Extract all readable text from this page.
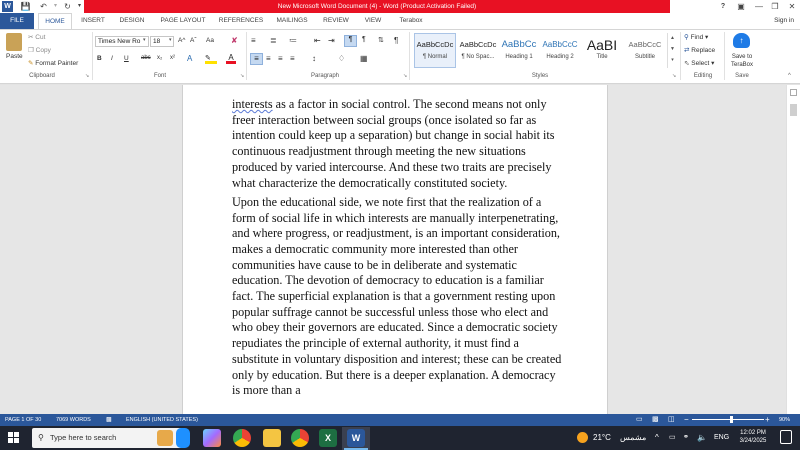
W 💾 ↶	▾ ↻	▾	New Microsoft Word Document (4) - Word (Product Activation Failed)	?	▣	—	❐	✕
FILE	HOME	INSERT	DESIGN	PAGE LAYOUT	REFERENCES	MAILINGS	REVIEW	VIEW	Terabox	Sign in
Paste
✂ Cut
❐ Copy
✎ Format Painter
Clipboard	↘
Times New Ro ▾	18	▾ A^ Aˇ Aa ✘
B I U abc x₂ x² A ✎	A
Font	↘
≡ ≣ ≔ ⇤ ⇥	¶	¶ ⇅ ¶
≡ ≡ ≡ ≡ ↕	♢ ▦
Paragraph	↘
AaBbCcDc
¶ Normal
AaBbCcDc
¶ No Spac...
AaBbCc
Heading 1
AaBbCcC
Heading 2
AaBI
Title
AaBbCcC
Subtitle
▲
▼
▾
Styles	↘
⚲ Find ▾
⇄ Replace
⬁ Select ▾
Editing
↑
Save to TeraBox
Save	^

interests as a factor in social control. The second means not only freer interaction between social groups (once isolated so far as intention could keep up a separation) but change in social habit its continuous readjustment through meeting the new situations produced by varied intercourse. And these two traits are precisely what characterize the democratically constituted society.

Upon the educational side, we note first that the realization of a form of social life in which interests are manually interpenetrating, and where progress, or readjustment, is an important consideration, makes a democratic community more interested than other communities have cause to be in deliberate and systematic education. The devotion of democracy to education is a familiar fact. The superficial explanation is that a government resting upon popular suffrage cannot be successful unless those who elect and who obey their governors are educated. Since a democratic society repudiates the principle of external authority, it must find a substitute in voluntary disposition and interest; these can be created only by education. But there is a deeper explanation. A democracy is more than a

PAGE 1 OF 30	7069 WORDS	▩	ENGLISH (UNITED STATES)	▭ ▩ ◫ −	+ 90%
⚲ Type here to search	X	W	21°C مشمس ^ ▭ ⚭ 🔈 ENG
12:02 PM
3/24/2025
